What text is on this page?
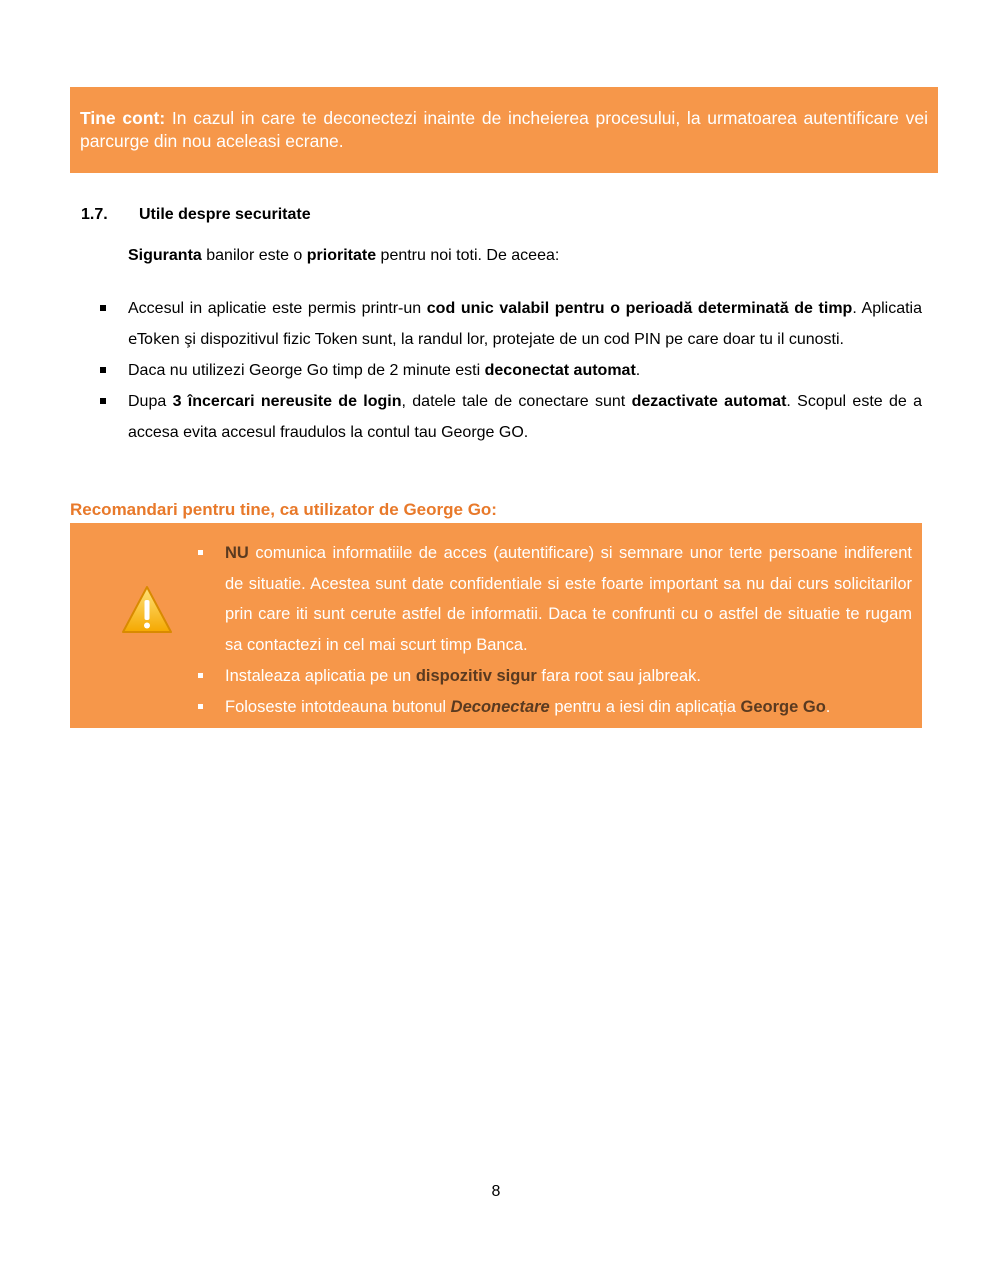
Tine cont: In cazul in care te deconectezi inainte de incheierea procesului, la urmatoarea autentificare vei parcurge din nou aceleasi ecrane.
1.7. Utile despre securitate
Siguranta banilor este o prioritate pentru noi toti. De aceea:
Accesul in aplicatie este permis printr-un cod unic valabil pentru o perioadă determinată de timp. Aplicatia eToken şi dispozitivul fizic Token sunt, la randul lor, protejate de un cod PIN pe care doar tu il cunosti.
Daca nu utilizezi George Go timp de 2 minute esti deconectat automat.
Dupa 3 încercari nereusite de login, datele tale de conectare sunt dezactivate automat. Scopul este de a accesa evita accesul fraudulos la contul tau George GO.
Recomandari pentru tine, ca utilizator de George Go:
NU comunica informatiile de acces (autentificare) si semnare unor terte persoane indiferent de situatie. Acestea sunt date confidentiale si este foarte important sa nu dai curs solicitarilor prin care iti sunt cerute astfel de informatii. Daca te confrunti cu o astfel de situatie te rugam sa contactezi in cel mai scurt timp Banca.
Instaleaza aplicatia pe un dispozitiv sigur fara root sau jalbreak.
Foloseste intotdeauna butonul Deconectare pentru a iesi din aplicația George Go.
8
